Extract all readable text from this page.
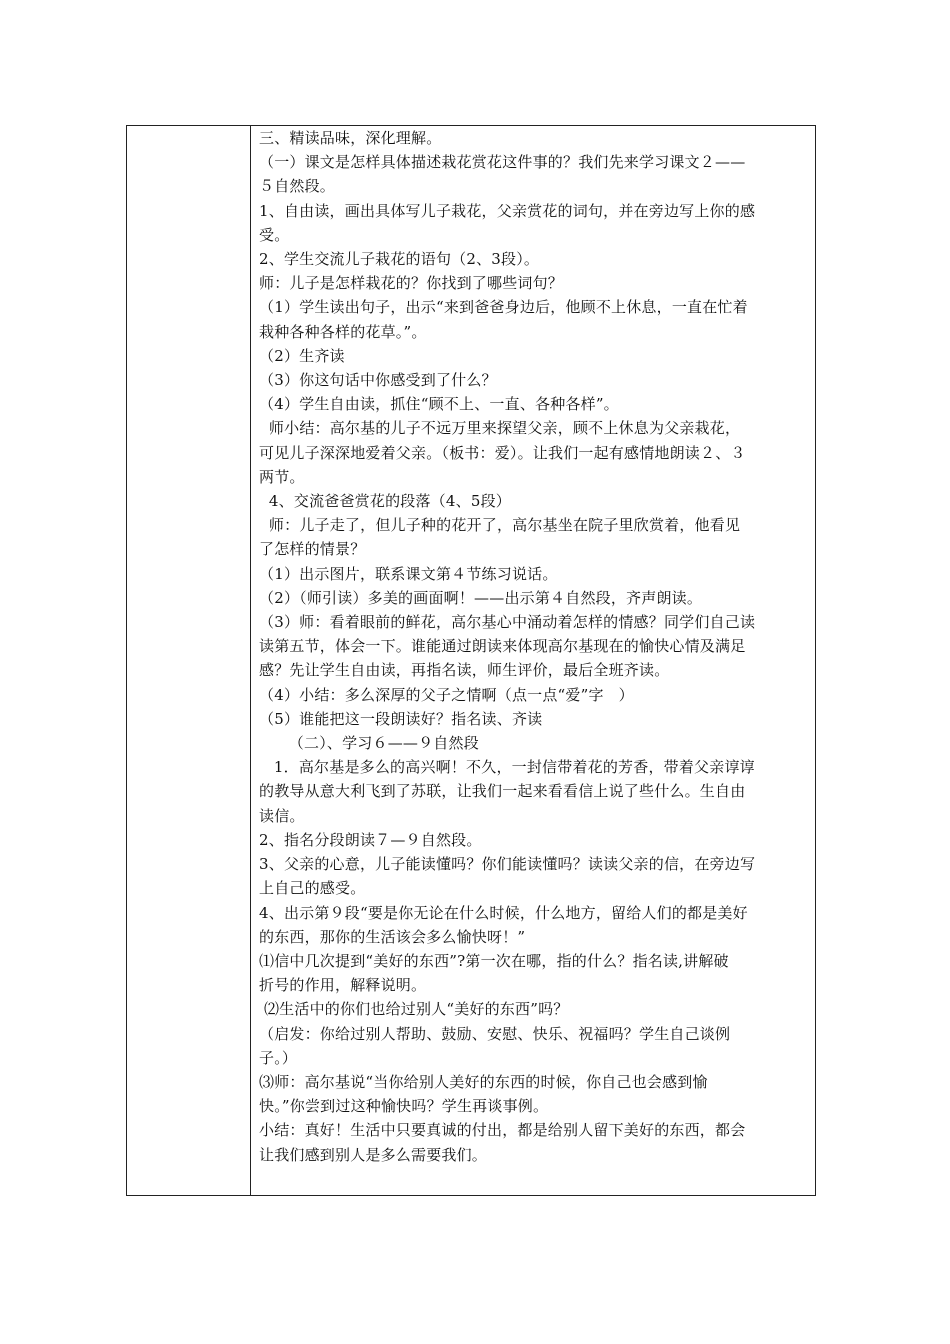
三、精读品味，深化理解。
（一）课文是怎样具体描述栽花赏花这件事的？我们先来学习课文２——
５自然段。
1、自由读，画出具体写儿子栽花，父亲赏花的词句，并在旁边写上你的感
受。
2、学生交流儿子栽花的语句（2、3段）。
师：儿子是怎样栽花的？你找到了哪些词句？
（1）学生读出句子，出示“来到爸爸身边后，他顾不上休息，一直在忙着
栽种各种各样的花草。”。
（2）生齐读
（3）你这句话中你感受到了什么？
（4）学生自由读，抓住“顾不上、一直、各种各样”。
师小结：高尔基的儿子不远万里来探望父亲，顾不上休息为父亲栽花，
可见儿子深深地爱着父亲。（板书：爱）。让我们一起有感情地朗读２、３
两节。
4、交流爸爸赏花的段落（4、5段）
师：儿子走了，但儿子种的花开了，高尔基坐在院子里欣赏着，他看见
了怎样的情景？
（1）出示图片，联系课文第４节练习说话。
（2）（师引读）多美的画面啊！——出示第４自然段，齐声朗读。
（3）师：看着眼前的鲜花，高尔基心中涌动着怎样的情感？同学们自己读
读第五节，体会一下。谁能通过朗读来体现高尔基现在的愉快心情及满足
感？先让学生自由读，再指名读，师生评价，最后全班齐读。
（4）小结：多么深厚的父子之情啊（点一点“爱”字   ）
（5）谁能把这一段朗读好？指名读、齐读
（二）、学习６——９自然段
1．高尔基是多么的高兴啊！不久，一封信带着花的芳香，带着父亲谆谆
的教导从意大利飞到了苏联，让我们一起来看看信上说了些什么。生自由
读信。
2、指名分段朗读７—９自然段。
3、父亲的心意，儿子能读懂吗？你们能读懂吗？读读父亲的信，在旁边写
上自己的感受。
4、出示第９段“要是你无论在什么时候，什么地方，留给人们的都是美好
的东西，那你的生活该会多么愉快呀！”
⑴信中几次提到“美好的东西”?第一次在哪，指的什么？指名读,讲解破
折号的作用，解释说明。
⑵生活中的你们也给过别人“美好的东西”吗？
（启发：你给过别人帮助、鼓励、安慰、快乐、祝福吗？学生自己谈例
子。）
⑶师：高尔基说“当你给别人美好的东西的时候，你自己也会感到愉
快。”你尝到过这种愉快吗？学生再谈事例。
小结：真好！生活中只要真诚的付出，都是给别人留下美好的东西，都会
让我们感到别人是多么需要我们。
